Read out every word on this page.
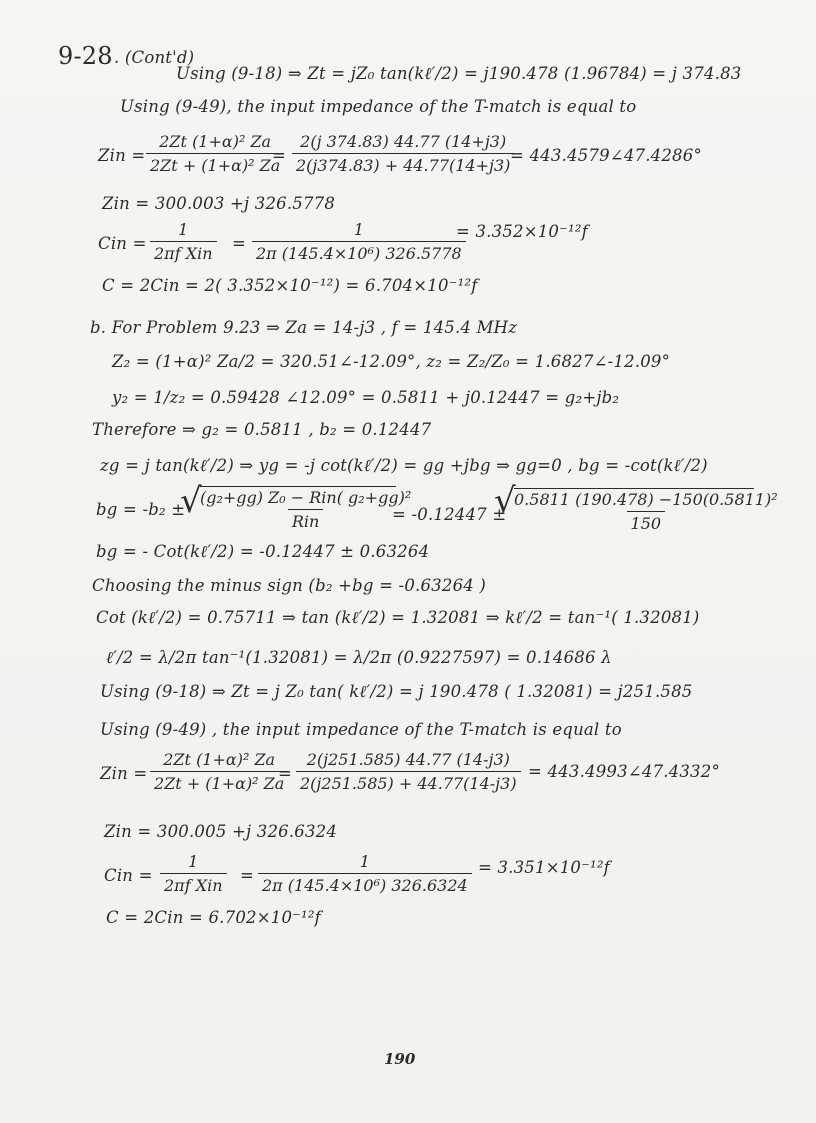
9-28 . (Cont'd)
Using (9-18) ⇒ Zt = jZ₀ tan(kℓ′/2) = j190.478 (1.96784) = j 374.83
Using (9-49), the input impedance of the T-match is equal to
Zin = $\frac{\text{2Zt (1+α)² Za}}{\text{2Zt + (1+α)² Za}}$
= $\frac{2(j 374.83) 44.77 (14+j3)}{2(j374.83) + 44.77(14+j3)}$
= 443.4579∠47.4286°
Zin = 300.003 +j 326.5778
Cin =
1
2πf Xin
= $\frac{1}{\text{2π (145.4×10⁶) 326.5778}}$
= 3.352×10⁻¹²f
C = 2Cin = 2( 3.352×10⁻¹²) = 6.704×10⁻¹²f
b. For Problem 9.23 ⇒ Za = 14-j3 , f = 145.4 MHz
Z₂ = (1+α)² Za/2 = 320.51∠-12.09°, z₂ = Z₂/Z₀ = 1.6827∠-12.09°
y₂ = 1/z₂ = 0.59428 ∠12.09° = 0.5811 + j0.12447 = g₂+jb₂
Therefore ⇒ g₂ = 0.5811 , b₂ = 0.12447
zg = j tan(kℓ′/2) ⇒ yg = -j cot(kℓ′/2) = gg +jbg ⇒ gg=0 , bg = -cot(kℓ′/2)
bg = -b₂ ±
√
(g₂+gg) Z₀ − Rin( g₂+gg)²
Rin	= -0.12447 ±
√
$\frac{\text{0.5811 (190.478) −150(0.5811)²}}{150}$
bg = - Cot(kℓ′/2) = -0.12447 ± 0.63264
Choosing the minus sign (b₂ +bg = -0.63264 )
Cot (kℓ′/2) = 0.75711 ⇒ tan (kℓ′/2) = 1.32081 ⇒ kℓ′/2 = tan⁻¹( 1.32081)
ℓ′/2 = λ/2π tan⁻¹(1.32081) = λ/2π (0.9227597) = 0.14686 λ
Using (9-18) ⇒ Zt = j Z₀ tan( kℓ′/2) = j 190.478 ( 1.32081) = j251.585
Using (9-49) , the input impedance of the T-match is equal to
Zin = $\frac{\text{2Zt (1+α)² Za}}{\text{2Zt + (1+α)² Za}}$
= $\frac{2(j251.585) 44.77 (14-j3)}{2(j251.585) + 44.77(14-j3)}$ = 443.4993∠47.4332°
Zin = 300.005 +j 326.6324
Cin =
1
2πf Xin
= $\frac{1}{\text{2π (145.4×10⁶) 326.6324}} = 3.351\times 10^{-12}f$
C = 2Cin = 6.702×10⁻¹²f
190
